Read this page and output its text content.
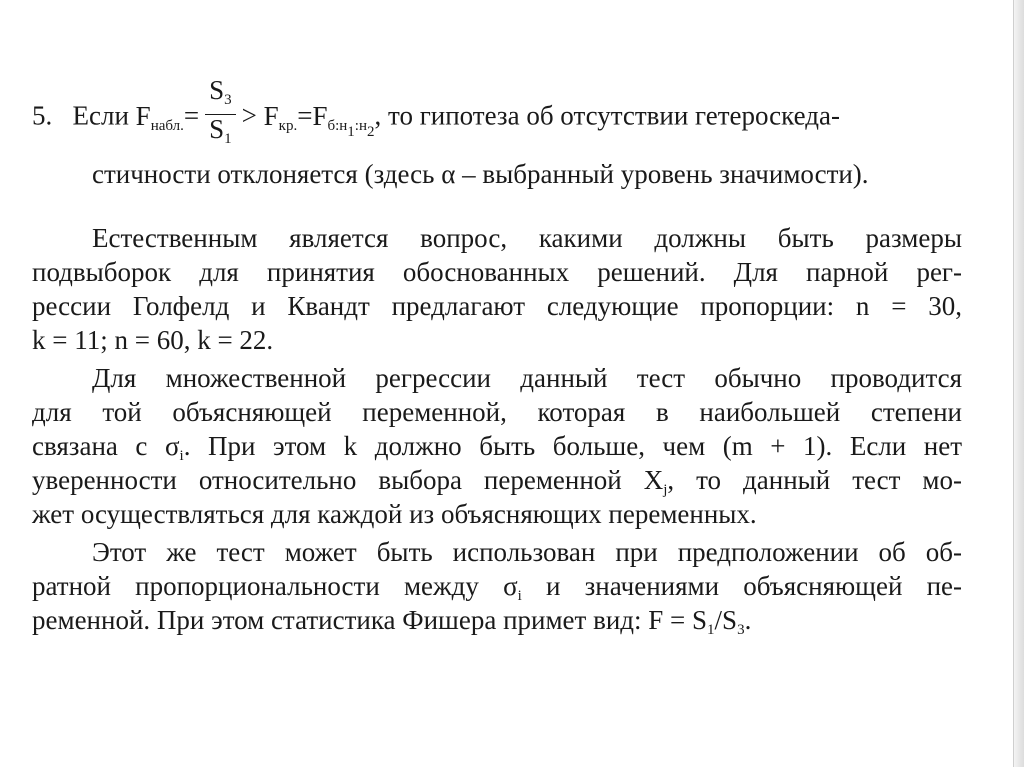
5. Если $F_{набл.}= \frac{S_3}{S_1} > F_{кр.}=F_{б:н1:н2}$, то гипотеза об отсутствии гетероскеда-
стичности отклоняется (здесь α – выбранный уровень значимости).
Естественным является вопрос, какими должны быть размеры
подвыборок для принятия обоснованных решений. Для парной рег-
рессии Голфелд и Квандт предлагают следующие пропорции: n = 30,
k = 11; n = 60, k = 22.
Для множественной регрессии данный тест обычно проводится
для той объясняющей переменной, которая в наибольшей степени
связана с $\sigma_i$. При этом k должно быть больше, чем (m + 1). Если нет
уверенности относительно выбора переменной $X_j$, то данный тест мо-
жет осуществляться для каждой из объясняющих переменных.
Этот же тест может быть использован при предположении об об-
ратной пропорциональности между $\sigma_i$ и значениями объясняющей пе-
ременной. При этом статистика Фишера примет вид: $F = S_1/S_3$.
